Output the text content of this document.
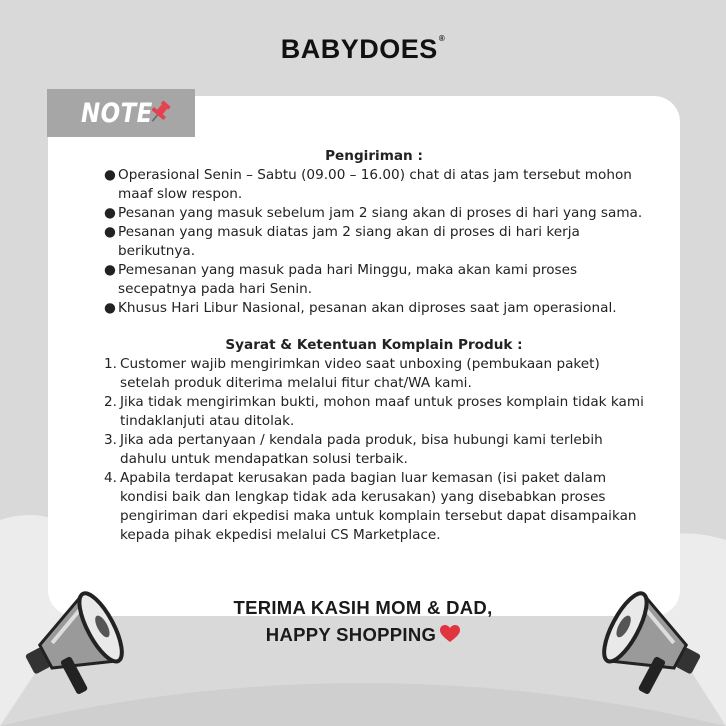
BABYDOES®
NOTE

Pengiriman :

● Operasional Senin – Sabtu (09.00 – 16.00) chat di atas jam tersebut mohon maaf slow respon.
● Pesanan yang masuk sebelum jam 2 siang akan di proses di hari yang sama.
● Pesanan yang masuk diatas jam 2 siang akan di proses di hari kerja berikutnya.
● Pemesanan yang masuk pada hari Minggu, maka akan kami proses secepatnya pada hari Senin.
● Khusus Hari Libur Nasional, pesanan akan diproses saat jam operasional.

Syarat & Ketentuan Komplain Produk :

1. Customer wajib mengirimkan video saat unboxing (pembukaan paket) setelah produk diterima melalui fitur chat/WA kami.
2. Jika tidak mengirimkan bukti, mohon maaf untuk proses komplain tidak kami tindaklanjuti atau ditolak.
3. Jika ada pertanyaan / kendala pada produk, bisa hubungi kami terlebih dahulu untuk mendapatkan solusi terbaik.
4. Apabila terdapat kerusakan pada bagian luar kemasan (isi paket dalam kondisi baik dan lengkap tidak ada kerusakan) yang disebabkan proses pengiriman dari ekpedisi maka untuk komplain tersebut dapat disampaikan kepada pihak ekpedisi melalui CS Marketplace.
TERIMA KASIH MOM & DAD,
HAPPY SHOPPING
